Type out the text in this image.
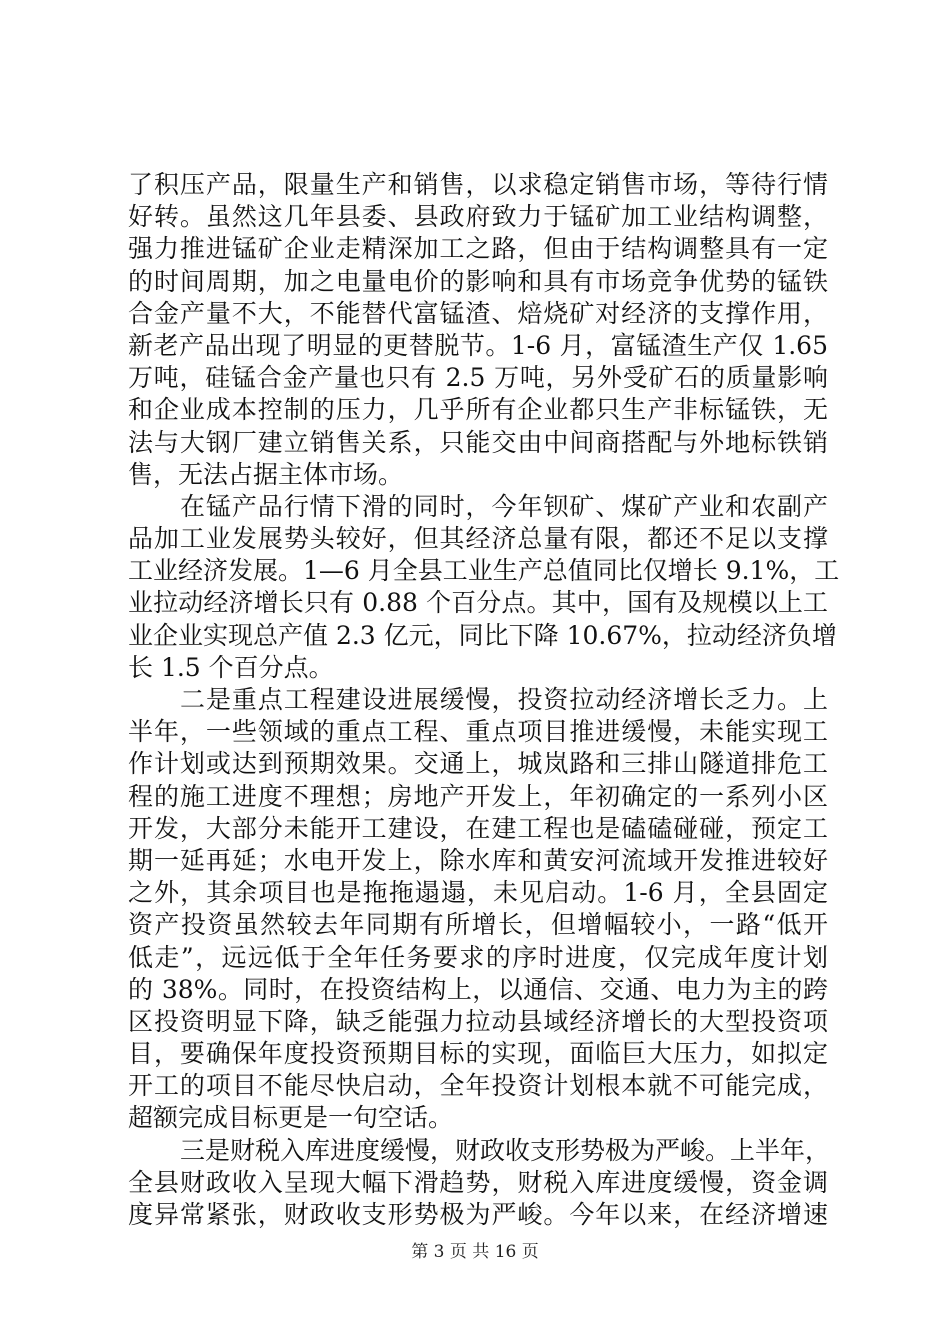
了积压产品，限量生产和销售，以求稳定销售市场，等待行情
好转。虽然这几年县委、县政府致力于锰矿加工业结构调整，
强力推进锰矿企业走精深加工之路，但由于结构调整具有一定
的时间周期，加之电量电价的影响和具有市场竞争优势的锰铁
合金产量不大，不能替代富锰渣、焙烧矿对经济的支撑作用，
新老产品出现了明显的更替脱节。1-6 月，富锰渣生产仅 1.65
万吨，硅锰合金产量也只有 2.5 万吨，另外受矿石的质量影响
和企业成本控制的压力，几乎所有企业都只生产非标锰铁，无
法与大钢厂建立销售关系，只能交由中间商搭配与外地标铁销
售，无法占据主体市场。
在锰产品行情下滑的同时，今年钡矿、煤矿产业和农副产
品加工业发展势头较好，但其经济总量有限，都还不足以支撑
工业经济发展。1—6 月全县工业生产总值同比仅增长 9.1%，工
业拉动经济增长只有 0.88 个百分点。其中，国有及规模以上工
业企业实现总产值 2.3 亿元，同比下降 10.67%，拉动经济负增
长 1.5 个百分点。
二是重点工程建设进展缓慢，投资拉动经济增长乏力。上
半年，一些领域的重点工程、重点项目推进缓慢，未能实现工
作计划或达到预期效果。交通上，城岚路和三排山隧道排危工
程的施工进度不理想；房地产开发上，年初确定的一系列小区
开发，大部分未能开工建设，在建工程也是磕磕碰碰，预定工
期一延再延；水电开发上，除水库和黄安河流域开发推进较好
之外，其余项目也是拖拖遢遢，未见启动。1-6 月，全县固定
资产投资虽然较去年同期有所增长，但增幅较小，一路“低开
低走”，远远低于全年任务要求的序时进度，仅完成年度计划
的 38%。同时，在投资结构上，以通信、交通、电力为主的跨
区投资明显下降，缺乏能强力拉动县域经济增长的大型投资项
目，要确保年度投资预期目标的实现，面临巨大压力，如拟定
开工的项目不能尽快启动，全年投资计划根本就不可能完成，
超额完成目标更是一句空话。
三是财税入库进度缓慢，财政收支形势极为严峻。上半年，
全县财政收入呈现大幅下滑趋势，财税入库进度缓慢，资金调
度异常紧张，财政收支形势极为严峻。今年以来，在经济增速
第 3 页 共 16 页
